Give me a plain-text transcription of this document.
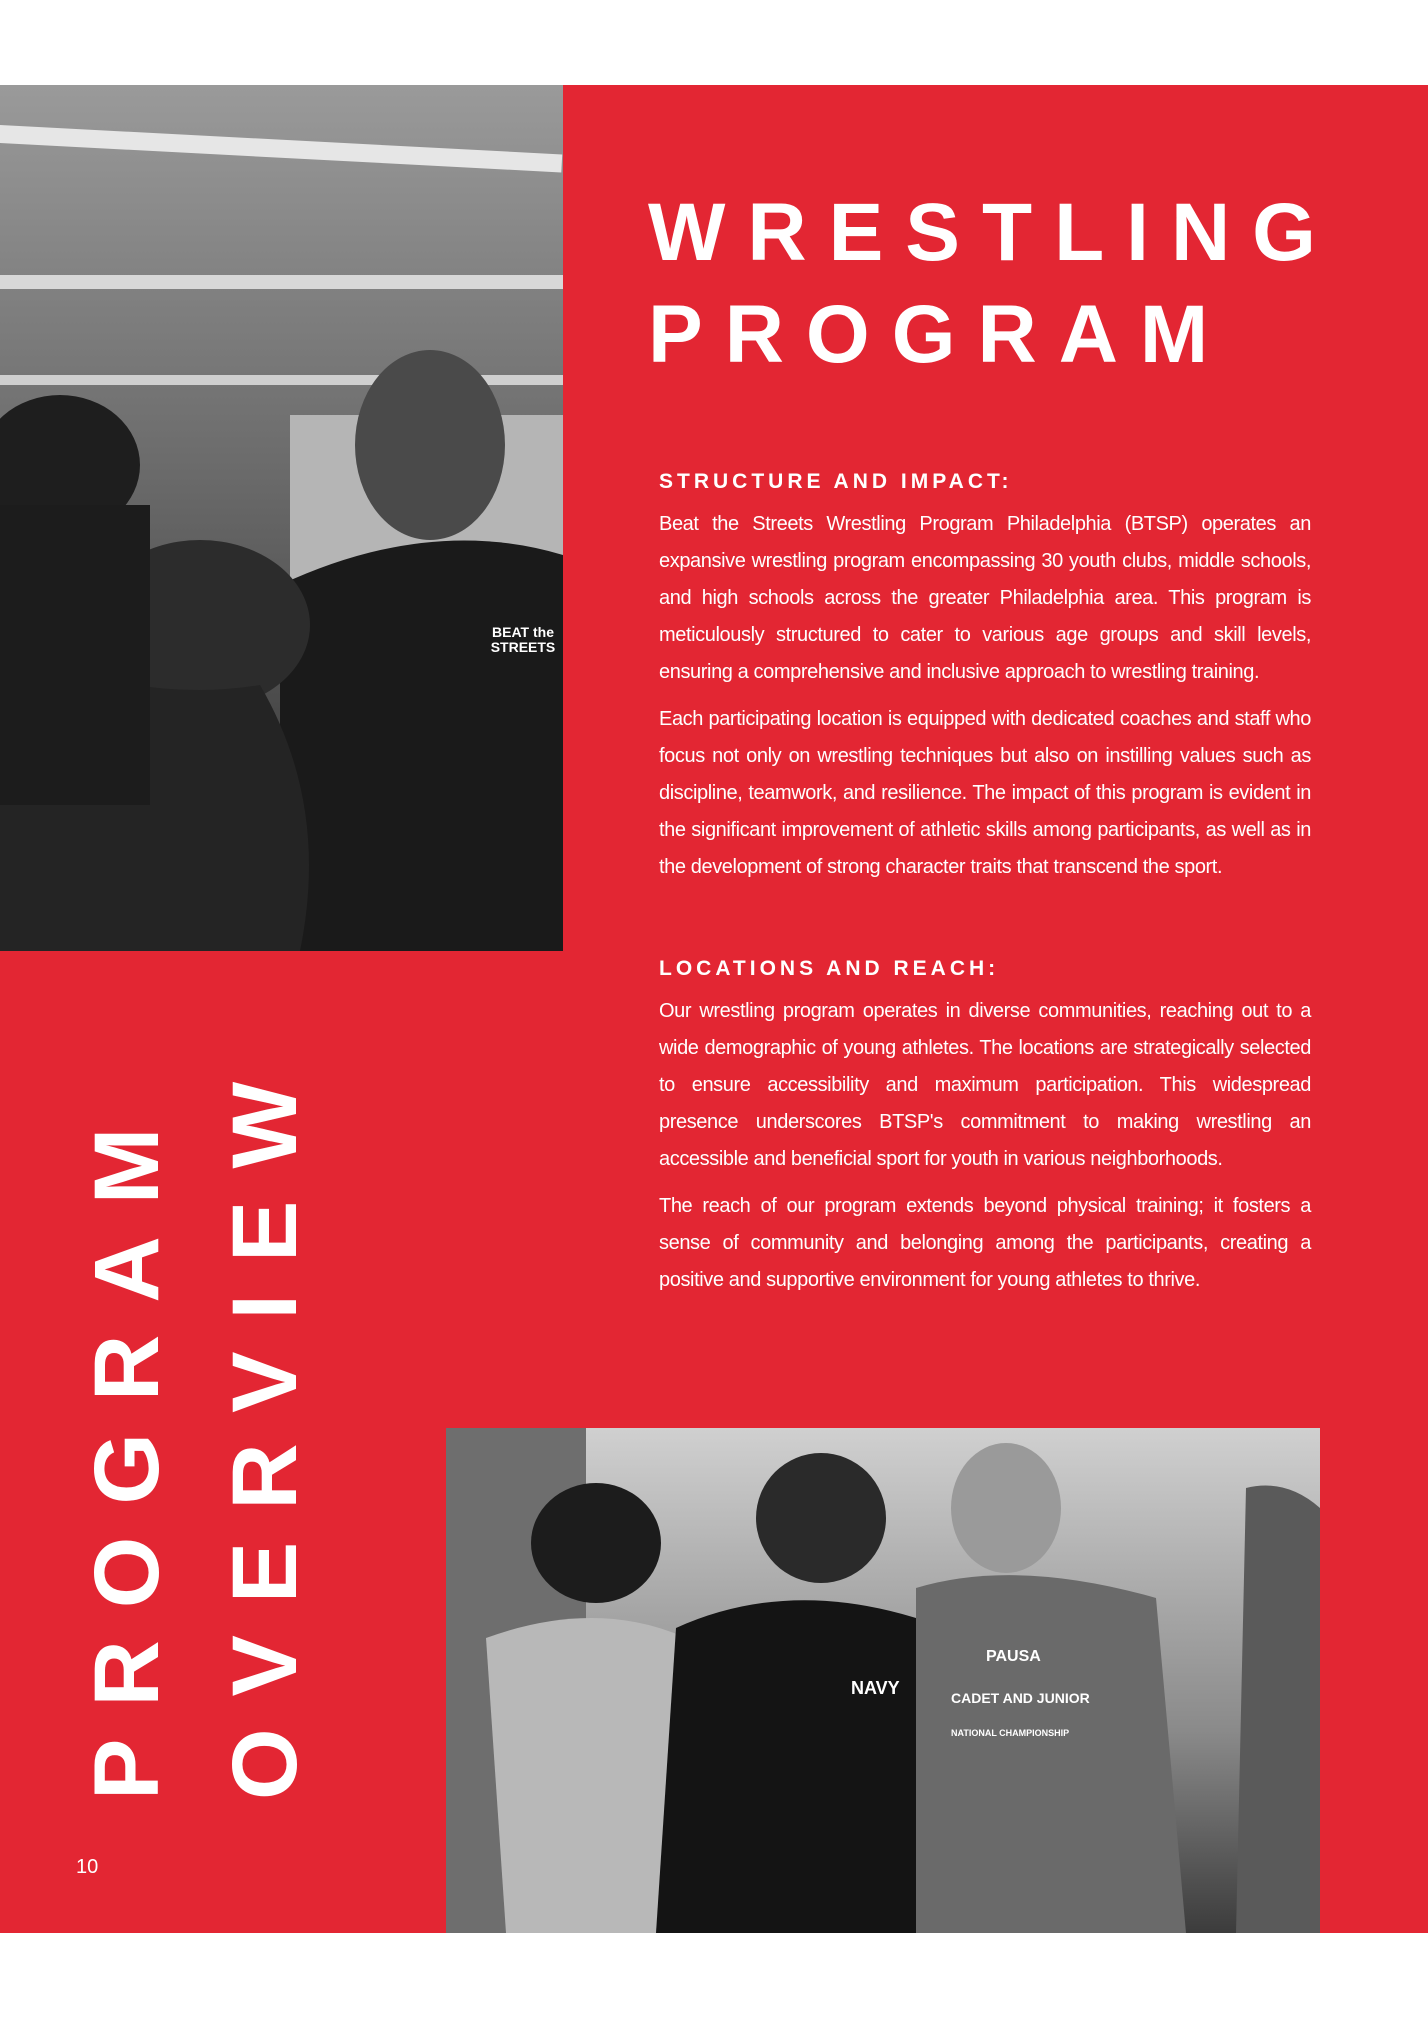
BEAT the STREETS
WRESTLING
PROGRAM
STRUCTURE AND IMPACT:

Beat the Streets Wrestling Program Philadelphia (BTSP) operates an expansive wrestling program encompassing 30 youth clubs, middle schools, and high schools across the greater Philadelphia area. This program is meticulously structured to cater to various age groups and skill levels, ensuring a comprehensive and inclusive approach to wrestling training.

Each participating location is equipped with dedicated coaches and staff who focus not only on wrestling techniques but also on instilling values such as discipline, teamwork, and resilience. The impact of this program is evident in the significant improvement of athletic skills among participants, as well as in the development of strong character traits that transcend the sport.

LOCATIONS AND REACH:

Our wrestling program operates in diverse communities, reaching out to a wide demographic of young athletes. The locations are strategically selected to ensure accessibility and maximum participation. This widespread presence underscores BTSP's commitment to making wrestling an accessible and beneficial sport for youth in various neighborhoods.

The reach of our program extends beyond physical training; it fosters a sense of community and belonging among the participants, creating a positive and supportive environment for young athletes to thrive.

PROGRAM OVERVIEW	PAUSA
CADET AND JUNIOR
NATIONAL CHAMPIONSHIP
NAVY
10
